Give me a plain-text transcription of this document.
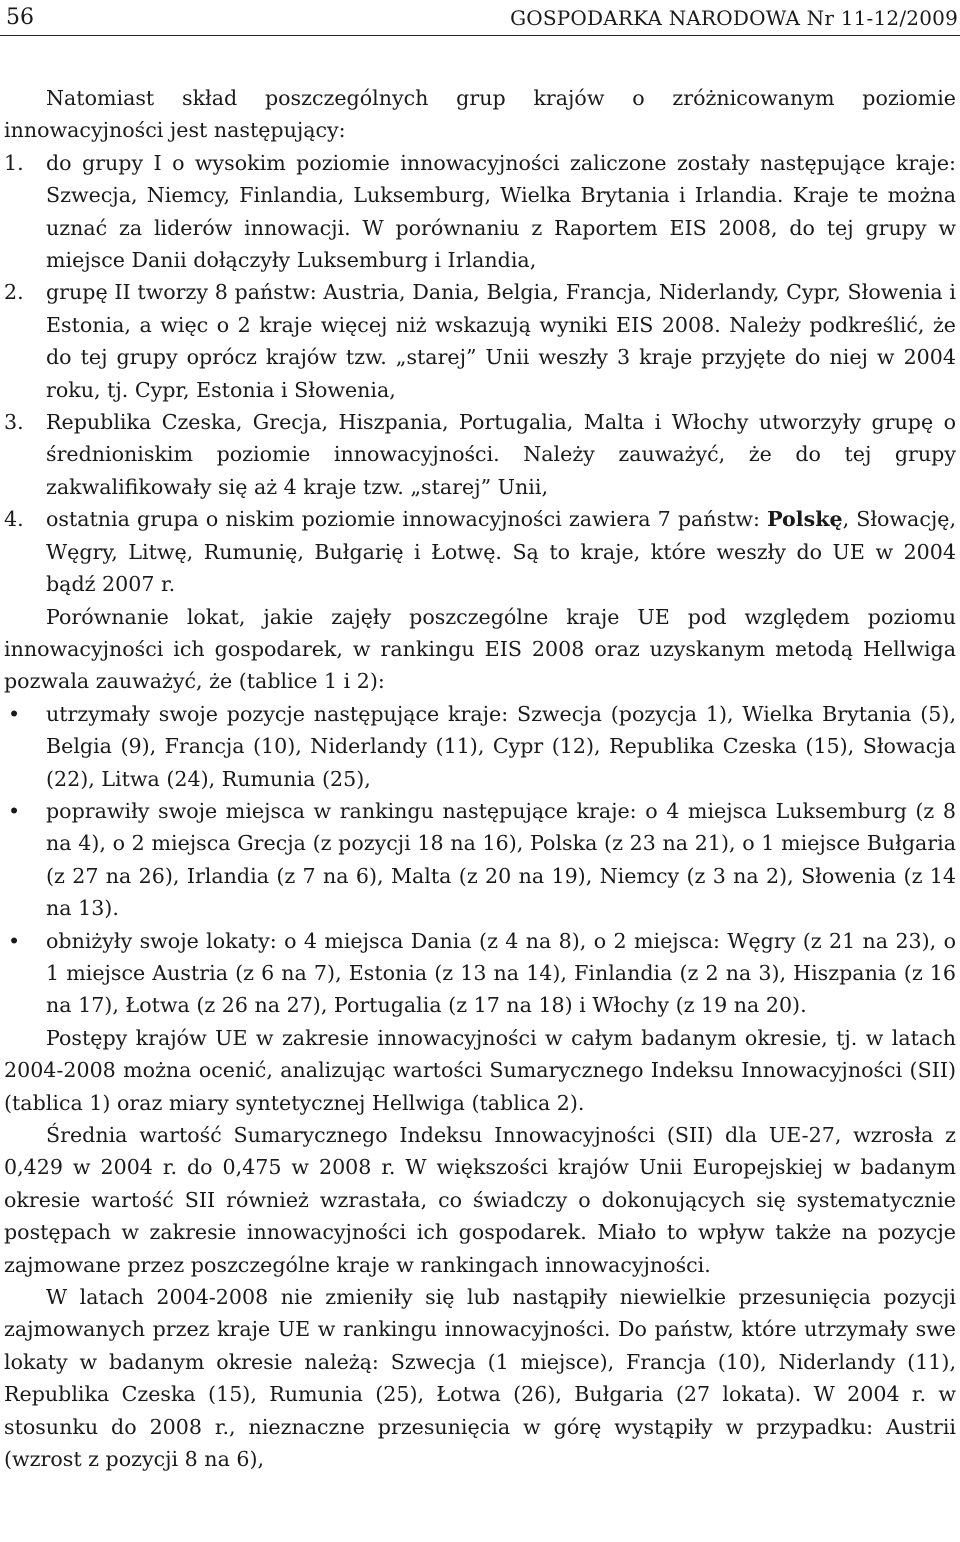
56	GOSPODARKA NARODOWA Nr 11-12/2009

Natomiast skład poszczególnych grup krajów o zróżnicowanym poziomie innowacyjności jest następujący:

1. do grupy I o wysokim poziomie innowacyjności zaliczone zostały następujące kraje: Szwecja, Niemcy, Finlandia, Luksemburg, Wielka Brytania i Irlandia. Kraje te można uznać za liderów innowacji. W porównaniu z Raportem EIS 2008, do tej grupy w miejsce Danii dołączyły Luksemburg i Irlandia,
2. grupę II tworzy 8 państw: Austria, Dania, Belgia, Francja, Niderlandy, Cypr, Słowenia i Estonia, a więc o 2 kraje więcej niż wskazują wyniki EIS 2008. Należy podkreślić, że do tej grupy oprócz krajów tzw. „starej” Unii weszły 3 kraje przyjęte do niej w 2004 roku, tj. Cypr, Estonia i Słowenia,
3. Republika Czeska, Grecja, Hiszpania, Portugalia, Malta i Włochy utworzyły grupę o średnioniskim poziomie innowacyjności. Należy zauważyć, że do tej grupy zakwalifikowały się aż 4 kraje tzw. „starej” Unii,
4. ostatnia grupa o niskim poziomie innowacyjności zawiera 7 państw: Polskę, Słowację, Węgry, Litwę, Rumunię, Bułgarię i Łotwę. Są to kraje, które weszły do UE w 2004 bądź 2007 r.

Porównanie lokat, jakie zajęły poszczególne kraje UE pod względem poziomu innowacyjności ich gospodarek, w rankingu EIS 2008 oraz uzyskanym metodą Hellwiga pozwala zauważyć, że (tablice 1 i 2):

• utrzymały swoje pozycje następujące kraje: Szwecja (pozycja 1), Wielka Brytania (5), Belgia (9), Francja (10), Niderlandy (11), Cypr (12), Republika Czeska (15), Słowacja (22), Litwa (24), Rumunia (25),
• poprawiły swoje miejsca w rankingu następujące kraje: o 4 miejsca Luksemburg (z 8 na 4), o 2 miejsca Grecja (z pozycji 18 na 16), Polska (z 23 na 21), o 1 miejsce Bułgaria (z 27 na 26), Irlandia (z 7 na 6), Malta (z 20 na 19), Niemcy (z 3 na 2), Słowenia (z 14 na 13).
• obniżyły swoje lokaty: o 4 miejsca Dania (z 4 na 8), o 2 miejsca: Węgry (z 21 na 23), o 1 miejsce Austria (z 6 na 7), Estonia (z 13 na 14), Finlandia (z 2 na 3), Hiszpania (z 16 na 17), Łotwa (z 26 na 27), Portugalia (z 17 na 18) i Włochy (z 19 na 20).

Postępy krajów UE w zakresie innowacyjności w całym badanym okresie, tj. w latach 2004-2008 można ocenić, analizując wartości Sumarycznego Indeksu Innowacyjności (SII) (tablica 1) oraz miary syntetycznej Hellwiga (tablica 2).

Średnia wartość Sumarycznego Indeksu Innowacyjności (SII) dla UE-27, wzrosła z 0,429 w 2004 r. do 0,475 w 2008 r. W większości krajów Unii Europejskiej w badanym okresie wartość SII również wzrastała, co świadczy o dokonujących się systematycznie postępach w zakresie innowacyjności ich gospodarek. Miało to wpływ także na pozycje zajmowane przez poszczególne kraje w rankingach innowacyjności.

W latach 2004-2008 nie zmieniły się lub nastąpiły niewielkie przesunięcia pozycji zajmowanych przez kraje UE w rankingu innowacyjności. Do państw, które utrzymały swe lokaty w badanym okresie należą: Szwecja (1 miejsce), Francja (10), Niderlandy (11), Republika Czeska (15), Rumunia (25), Łotwa (26), Bułgaria (27 lokata). W 2004 r. w stosunku do 2008 r., nieznaczne przesunięcia w górę wystąpiły w przypadku: Austrii (wzrost z pozycji 8 na 6),
